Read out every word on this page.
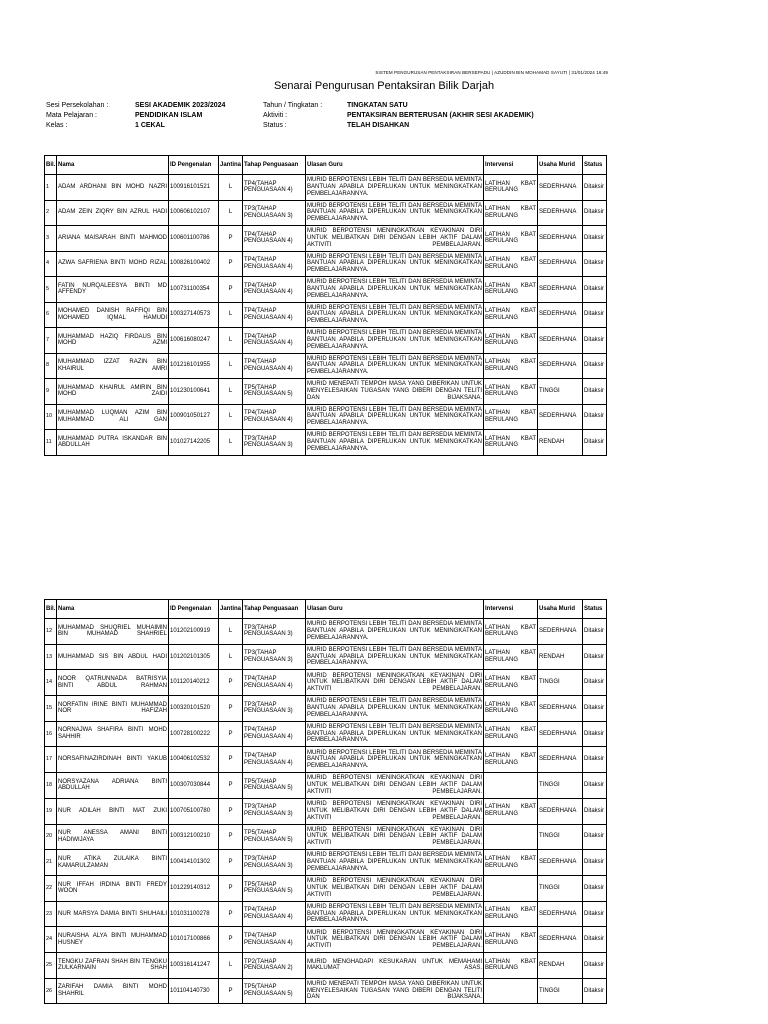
SISTEM PENGURUSAN PENTAKSIRAN BERSEPADU | AZUDDIN BIN MOHAMAD SAYUTI | 31/01/2024 16:49
Senarai Pengurusan Pentaksiran Bilik Darjah
Sesi Persekolahan :	SESI AKADEMIK 2023/2024	Tahun / Tingkatan :	TINGKATAN SATU
Mata Pelajaran :	PENDIDIKAN ISLAM	Aktiviti :	PENTAKSIRAN BERTERUSAN (AKHIR SESI AKADEMIK)
Kelas :	1 CEKAL	Status :	TELAH DISAHKAN
Bil.	Nama	ID Pengenalan	Jantina	Tahap Penguasaan	Ulasan Guru	Intervensi	Usaha Murid	Status
1	ADAM ARDHANI BIN MOHD NAZRI	100916101521	L	TP4(TAHAP PENGUASAAN 4)	MURID BERPOTENSI LEBIH TELITI DAN BERSEDIA MEMINTA BANTUAN APABILA DIPERLUKAN UNTUK MENINGKATKAN PEMBELAJARANNYA.	LATIHAN KBAT BERULANG	SEDERHANA	Ditaksir
2	ADAM ZEIN ZIQRY BIN AZRUL HADI	100606102107	L	TP3(TAHAP PENGUASAAN 3)	MURID BERPOTENSI LEBIH TELITI DAN BERSEDIA MEMINTA BANTUAN APABILA DIPERLUKAN UNTUK MENINGKATKAN PEMBELAJARANNYA.	LATIHAN KBAT BERULANG	SEDERHANA	Ditaksir
3	ARIANA MAISARAH BINTI MAHMOD	100601100786	P	TP4(TAHAP PENGUASAAN 4)	MURID BERPOTENSI MENINGKATKAN KEYAKINAN DIRI UNTUK MELIBATKAN DIRI DENGAN LEBIH AKTIF DALAM AKTIVITI PEMBELAJARAN.	LATIHAN KBAT BERULANG	SEDERHANA	Ditaksir
4	AZWA SAFRIENA BINTI MOHD RIZAL	100826100402	P	TP4(TAHAP PENGUASAAN 4)	MURID BERPOTENSI LEBIH TELITI DAN BERSEDIA MEMINTA BANTUAN APABILA DIPERLUKAN UNTUK MENINGKATKAN PEMBELAJARANNYA.	LATIHAN KBAT BERULANG	SEDERHANA	Ditaksir
5	FATIN NURQALEESYA BINTI MD AFFENDY	100731100354	P	TP4(TAHAP PENGUASAAN 4)	MURID BERPOTENSI LEBIH TELITI DAN BERSEDIA MEMINTA BANTUAN APABILA DIPERLUKAN UNTUK MENINGKATKAN PEMBELAJARANNYA.	LATIHAN KBAT BERULANG	SEDERHANA	Ditaksir
6	MOHAMED DANISH RAFFIQI BIN MOHAMED IQMAL HAMUDI	100327140573	L	TP4(TAHAP PENGUASAAN 4)	MURID BERPOTENSI LEBIH TELITI DAN BERSEDIA MEMINTA BANTUAN APABILA DIPERLUKAN UNTUK MENINGKATKAN PEMBELAJARANNYA.	LATIHAN KBAT BERULANG	SEDERHANA	Ditaksir
7	MUHAMMAD HAZIQ FIRDAUS BIN MOHD AZMI	100616080247	L	TP4(TAHAP PENGUASAAN 4)	MURID BERPOTENSI LEBIH TELITI DAN BERSEDIA MEMINTA BANTUAN APABILA DIPERLUKAN UNTUK MENINGKATKAN PEMBELAJARANNYA.	LATIHAN KBAT BERULANG	SEDERHANA	Ditaksir
8	MUHAMMAD IZZAT RAZIN BIN KHAIRUL AMRI	101216101955	L	TP4(TAHAP PENGUASAAN 4)	MURID BERPOTENSI LEBIH TELITI DAN BERSEDIA MEMINTA BANTUAN APABILA DIPERLUKAN UNTUK MENINGKATKAN PEMBELAJARANNYA.	LATIHAN KBAT BERULANG	SEDERHANA	Ditaksir
9	MUHAMMAD KHAIRUL AMIRIN BIN MOHD ZAIDI	101230100641	L	TP5(TAHAP PENGUASAAN 5)	MURID MENEPATI TEMPOH MASA YANG DIBERIKAN UNTUK MENYELESAIKAN TUGASAN YANG DIBERI DENGAN TELITI DAN BIJAKSANA.	LATIHAN KBAT BERULANG	TINGGI	Ditaksir
10	MUHAMMAD LUQMAN AZIM BIN MUHAMMAD ALI GAN	100901050127	L	TP4(TAHAP PENGUASAAN 4)	MURID BERPOTENSI LEBIH TELITI DAN BERSEDIA MEMINTA BANTUAN APABILA DIPERLUKAN UNTUK MENINGKATKAN PEMBELAJARANNYA.	LATIHAN KBAT BERULANG	SEDERHANA	Ditaksir
11	MUHAMMAD PUTRA ISKANDAR BIN ABDULLAH	101027142205	L	TP3(TAHAP PENGUASAAN 3)	MURID BERPOTENSI LEBIH TELITI DAN BERSEDIA MEMINTA BANTUAN APABILA DIPERLUKAN UNTUK MENINGKATKAN PEMBELAJARANNYA.	LATIHAN KBAT BERULANG	RENDAH	Ditaksir
Bil.	Nama	ID Pengenalan	Jantina	Tahap Penguasaan	Ulasan Guru	Intervensi	Usaha Murid	Status
12	MUHAMMAD SHUQRIEL MUHAIMIN BIN MUHAMAD SHAHRIEL	101202100919	L	TP3(TAHAP PENGUASAAN 3)	MURID BERPOTENSI LEBIH TELITI DAN BERSEDIA MEMINTA BANTUAN APABILA DIPERLUKAN UNTUK MENINGKATKAN PEMBELAJARANNYA.	LATIHAN KBAT BERULANG	SEDERHANA	Ditaksir
13	MUHAMMAD SIS BIN ABDUL HADI	101202101305	L	TP3(TAHAP PENGUASAAN 3)	MURID BERPOTENSI LEBIH TELITI DAN BERSEDIA MEMINTA BANTUAN APABILA DIPERLUKAN UNTUK MENINGKATKAN PEMBELAJARANNYA.	LATIHAN KBAT BERULANG	RENDAH	Ditaksir
14	NOOR QATRUNNADA BATRISYIA BINTI ABDUL RAHMAN	101120140212	P	TP4(TAHAP PENGUASAAN 4)	MURID BERPOTENSI MENINGKATKAN KEYAKINAN DIRI UNTUK MELIBATKAN DIRI DENGAN LEBIH AKTIF DALAM AKTIVITI PEMBELAJARAN.	LATIHAN KBAT BERULANG	TINGGI	Ditaksir
15	NORFATIN IRINE BINTI MUHAMMAD NOR HAFIZAH	100320101520	P	TP3(TAHAP PENGUASAAN 3)	MURID BERPOTENSI LEBIH TELITI DAN BERSEDIA MEMINTA BANTUAN APABILA DIPERLUKAN UNTUK MENINGKATKAN PEMBELAJARANNYA.	LATIHAN KBAT BERULANG	SEDERHANA	Ditaksir
16	NORNAJWA SHAFIRA BINTI MOHD SAHHIR	100728100222	P	TP4(TAHAP PENGUASAAN 4)	MURID BERPOTENSI LEBIH TELITI DAN BERSEDIA MEMINTA BANTUAN APABILA DIPERLUKAN UNTUK MENINGKATKAN PEMBELAJARANNYA.	LATIHAN KBAT BERULANG	SEDERHANA	Ditaksir
17	NORSAFINAZIRDINAH BINTI YAKUB	100406102532	P	TP4(TAHAP PENGUASAAN 4)	MURID BERPOTENSI LEBIH TELITI DAN BERSEDIA MEMINTA BANTUAN APABILA DIPERLUKAN UNTUK MENINGKATKAN PEMBELAJARANNYA.	LATIHAN KBAT BERULANG	SEDERHANA	Ditaksir
18	NORSYAZANA ADRIANA BINTI ABDULLAH	100307030844	P	TP5(TAHAP PENGUASAAN 5)	MURID BERPOTENSI MENINGKATKAN KEYAKINAN DIRI UNTUK MELIBATKAN DIRI DENGAN LEBIH AKTIF DALAM AKTIVITI PEMBELAJARAN.		TINGGI	Ditaksir
19	NUR ADILAH BINTI MAT ZUKI	100705100780	P	TP3(TAHAP PENGUASAAN 3)	MURID BERPOTENSI MENINGKATKAN KEYAKINAN DIRI UNTUK MELIBATKAN DIRI DENGAN LEBIH AKTIF DALAM AKTIVITI PEMBELAJARAN.	LATIHAN KBAT BERULANG	SEDERHANA	Ditaksir
20	NUR ANESSA AMANI BINTI HADIWIJAYA	100312100210	P	TP5(TAHAP PENGUASAAN 5)	MURID BERPOTENSI MENINGKATKAN KEYAKINAN DIRI UNTUK MELIBATKAN DIRI DENGAN LEBIH AKTIF DALAM AKTIVITI PEMBELAJARAN.		TINGGI	Ditaksir
21	NUR ATIKA ZULAIKA BINTI KAMARULZAMAN	100414101302	P	TP3(TAHAP PENGUASAAN 3)	MURID BERPOTENSI LEBIH TELITI DAN BERSEDIA MEMINTA BANTUAN APABILA DIPERLUKAN UNTUK MENINGKATKAN PEMBELAJARANNYA.	LATIHAN KBAT BERULANG	SEDERHANA	Ditaksir
22	NUR IFFAH IRDINA BINTI FREDY WOON	101229140312	P	TP5(TAHAP PENGUASAAN 5)	MURID BERPOTENSI MENINGKATKAN KEYAKINAN DIRI UNTUK MELIBATKAN DIRI DENGAN LEBIH AKTIF DALAM AKTIVITI PEMBELAJARAN.		TINGGI	Ditaksir
23	NUR MARSYA DAMIA BINTI SHUHAILI	101031100278	P	TP4(TAHAP PENGUASAAN 4)	MURID BERPOTENSI LEBIH TELITI DAN BERSEDIA MEMINTA BANTUAN APABILA DIPERLUKAN UNTUK MENINGKATKAN PEMBELAJARANNYA.	LATIHAN KBAT BERULANG	SEDERHANA	Ditaksir
24	NURAISHA ALYA BINTI MUHAMMAD HUSNEY	101017100866	P	TP4(TAHAP PENGUASAAN 4)	MURID BERPOTENSI MENINGKATKAN KEYAKINAN DIRI UNTUK MELIBATKAN DIRI DENGAN LEBIH AKTIF DALAM AKTIVITI PEMBELAJARAN.	LATIHAN KBAT BERULANG	SEDERHANA	Ditaksir
25	TENGKU ZAFRAN SHAH BIN TENGKU ZULKARNAIN SHAH	100316141247	L	TP2(TAHAP PENGUASAAN 2)	MURID MENGHADAPI KESUKARAN UNTUK MEMAHAMI MAKLUMAT ASAS.	LATIHAN KBAT BERULANG	RENDAH	Ditaksir
26	ZARIFAH DAMIA BINTI MOHD SHAHRIL	101104140730	P	TP5(TAHAP PENGUASAAN 5)	MURID MENEPATI TEMPOH MASA YANG DIBERIKAN UNTUK MENYELESAIKAN TUGASAN YANG DIBERI DENGAN TELITI DAN BIJAKSANA.		TINGGI	Ditaksir
